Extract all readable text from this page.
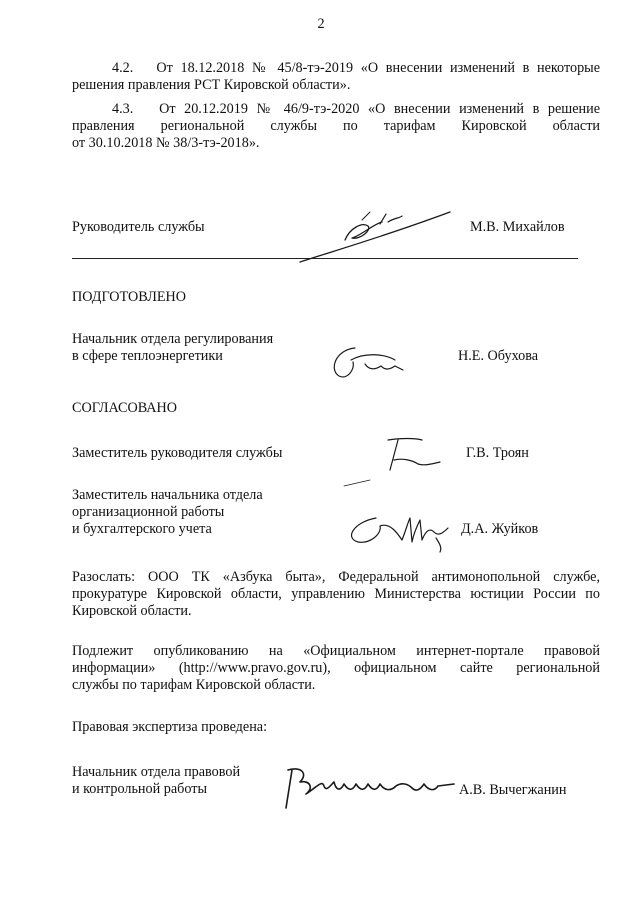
2
4.2.   От 18.12.2018 № 45/8-тэ-2019 «О внесении изменений в некоторые
решения правления РСТ Кировской области».
4.3.   От 20.12.2019 № 46/9-тэ-2020 «О внесении изменений в решение
правления региональной службы по тарифам Кировской области
от 30.10.2018 № 38/3-тэ-2018».
Руководитель службы	М.В. Михайлов
ПОДГОТОВЛЕНО
Начальник отдела регулирования
в сфере теплоэнергетики	Н.Е. Обухова
СОГЛАСОВАНО
Заместитель руководителя службы	Г.В. Троян
Заместитель начальника отдела
организационной работы
и бухгалтерского учета	Д.А. Жуйков
Разослать: ООО ТК «Азбука быта», Федеральной антимонопольной службе,
прокуратуре Кировской области, управлению Министерства юстиции России по
Кировской области.
Подлежит опубликованию на «Официальном интернет-портале правовой
информации» (http://www.pravo.gov.ru), официальном сайте региональной
службы по тарифам Кировской области.
Правовая экспертиза проведена:
Начальник отдела правовой
и контрольной работы	А.В. Вычегжанин
